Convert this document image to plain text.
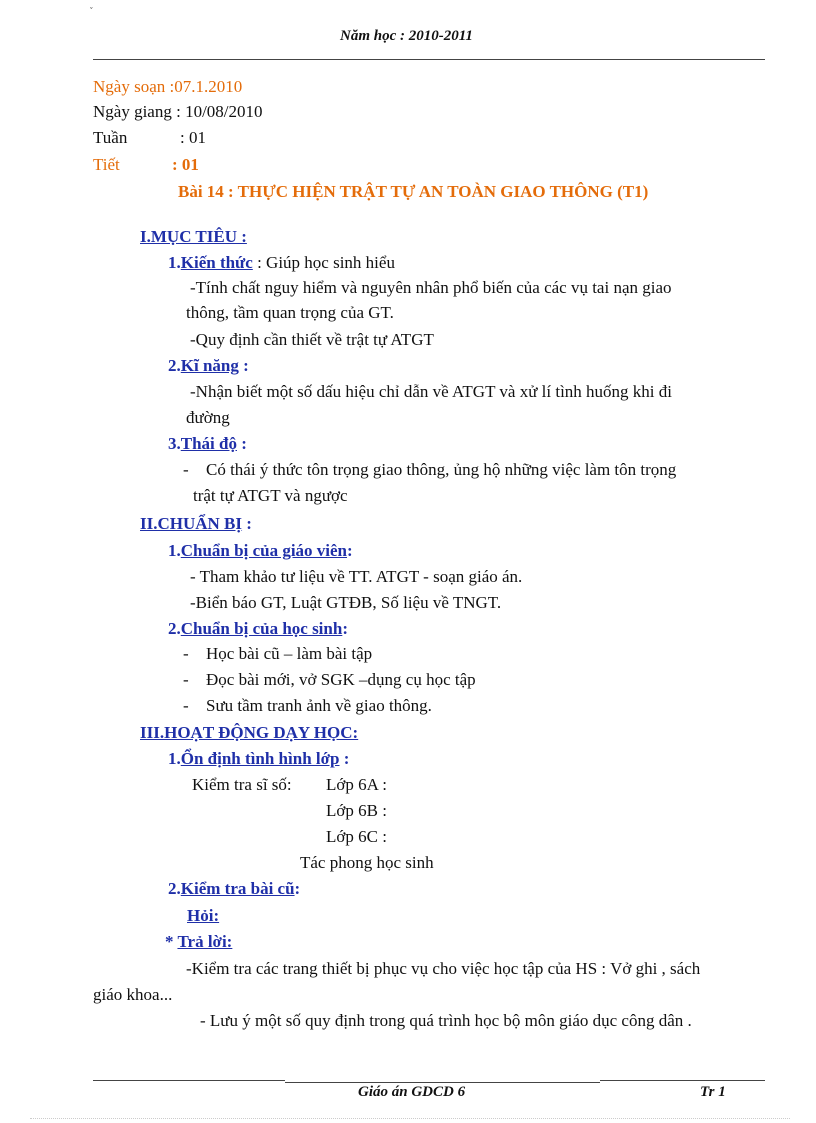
ˇ
Năm học : 2010-2011
Ngày soạn :07.1.2010
Ngày giang : 10/08/2010
Tuần	: 01
Tiết	: 01
Bài 14 : THỰC HIỆN TRẬT TỰ AN TOÀN GIAO THÔNG (T1)
I.MỤC TIÊU :
1.Kiến thức : Giúp học sinh hiểu
-Tính chất nguy hiểm và nguyên nhân phổ biến của các vụ tai nạn giao
thông, tầm quan trọng của GT.
-Quy định cần thiết về trật tự ATGT
2.Kĩ năng :
-Nhận biết một số dấu hiệu chỉ dẫn về ATGT và xử lí tình huống khi đi
đường
3.Thái độ :
- Có thái ý thức tôn trọng giao thông, ủng hộ những việc làm tôn trọng
trật tự ATGT và ngược
II.CHUẨN BỊ :
1.Chuẩn bị của giáo viên:
- Tham khảo tư liệu về TT. ATGT - soạn giáo án.
-Biển báo GT, Luật GTĐB, Số liệu về TNGT.
2.Chuẩn bị của học sinh:
- Học bài cũ – làm bài tập
- Đọc bài mới, vở SGK –dụng cụ học tập
- Sưu tầm tranh ảnh về giao thông.
III.HOẠT ĐỘNG DẠY HỌC:
1.Ổn định tình hình lớp :
Kiểm tra sĩ số: Lớp 6A :
Lớp 6B :
Lớp 6C :
Tác phong học sinh
2.Kiểm tra bài cũ:
Hỏi:
* Trả lời:
-Kiểm tra các trang thiết bị phục vụ cho việc học tập của HS : Vở ghi , sách
giáo khoa...
- Lưu ý một số quy định trong quá trình học bộ môn giáo dục công dân .
Giáo án GDCD 6	Tr 1
